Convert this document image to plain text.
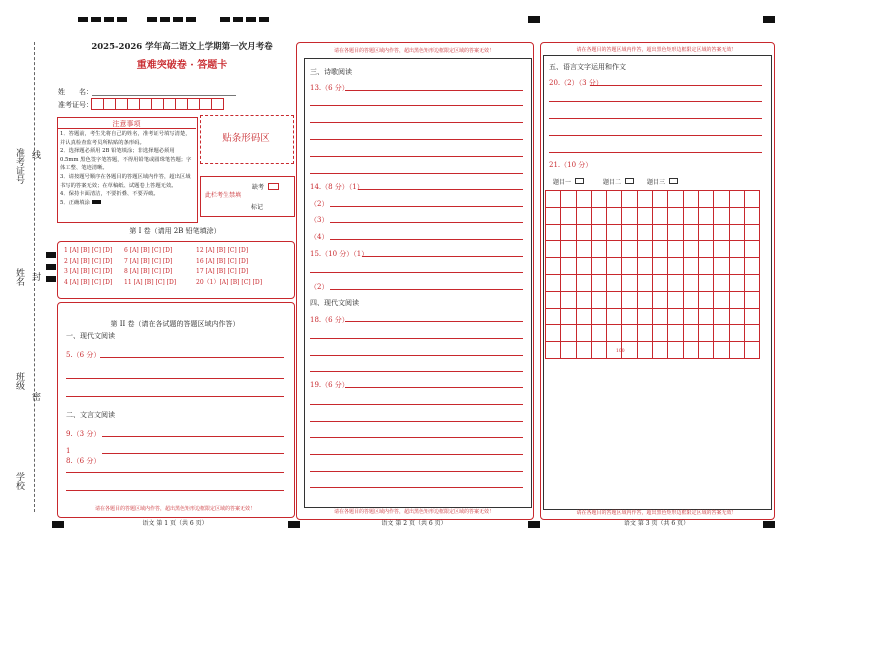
准考证号 线
姓名 封
班级
密
学校
2025-2026 学年高二语文上学期第一次月考卷
重难突破卷 · 答题卡
姓　　名：
准考证号：
注意事项
1．答题前，考生先将自己的姓名，准考证号填写清楚，并认真检查监考员所粘贴的条形码。
2．选择题必须用 2B 铅笔填涂；非选择题必须用 0.5mm 黑色签字笔答题，不得用铅笔或圆珠笔答题；字体工整、笔迹清晰。
3．请按题号顺序在各题目的答题区域内作答，超出区域书写的答案无效；在草稿纸、试题卷上答题无效。
4．保持卡面清洁，不要折叠、不要弄破。
5．正确填涂
贴条形码区
此栏考生禁填
缺考
标记
第 I 卷（请用 2B 铅笔填涂）
1 [A] [B] [C] [D]
2 [A] [B] [C] [D]
3 [A] [B] [C] [D]
4 [A] [B] [C] [D]
6 [A] [B] [C] [D]
7 [A] [B] [C] [D]
8 [A] [B] [C] [D]
11 [A] [B] [C] [D]
12 [A] [B] [C] [D]
16 [A] [B] [C] [D]
17 [A] [B] [C] [D]
20（1）[A] [B] [C] [D]
第 II 卷（请在各试题的答题区域内作答）
一、现代文阅读
5.（6 分）
二、文言文阅读
9.（3 分）
1
8.（6 分）
请在各题目的答题区域内作答，超出黑色矩形边框限定区域的答案无效！
语文 第 1 页（共 6 页）
请在各题目的答题区域内作答，超出黑色矩形边框限定区域的答案无效！
三、诗歌阅读
13.（6 分）
14.（8 分）（1）
（2）
（3）
（4）
15.（10 分）（1）
（2）
四、现代文阅读
18.（6 分）
19.（6 分）
请在各题目的答题区域内作答，超出黑色矩形边框限定区域的答案无效！
语文 第 2 页（共 6 页）
请在各题目的答题区域内作答，超出黑色矩形边框限定区域的答案无效！
五、语言文字运用和作文
20.（2）（3 分）
21.（10 分）
题目一	题目二	题目三
100
请在各题目的答题区域内作答，超出黑色矩形边框限定区域的答案无效！
语文 第 3 页（共 6 页）
